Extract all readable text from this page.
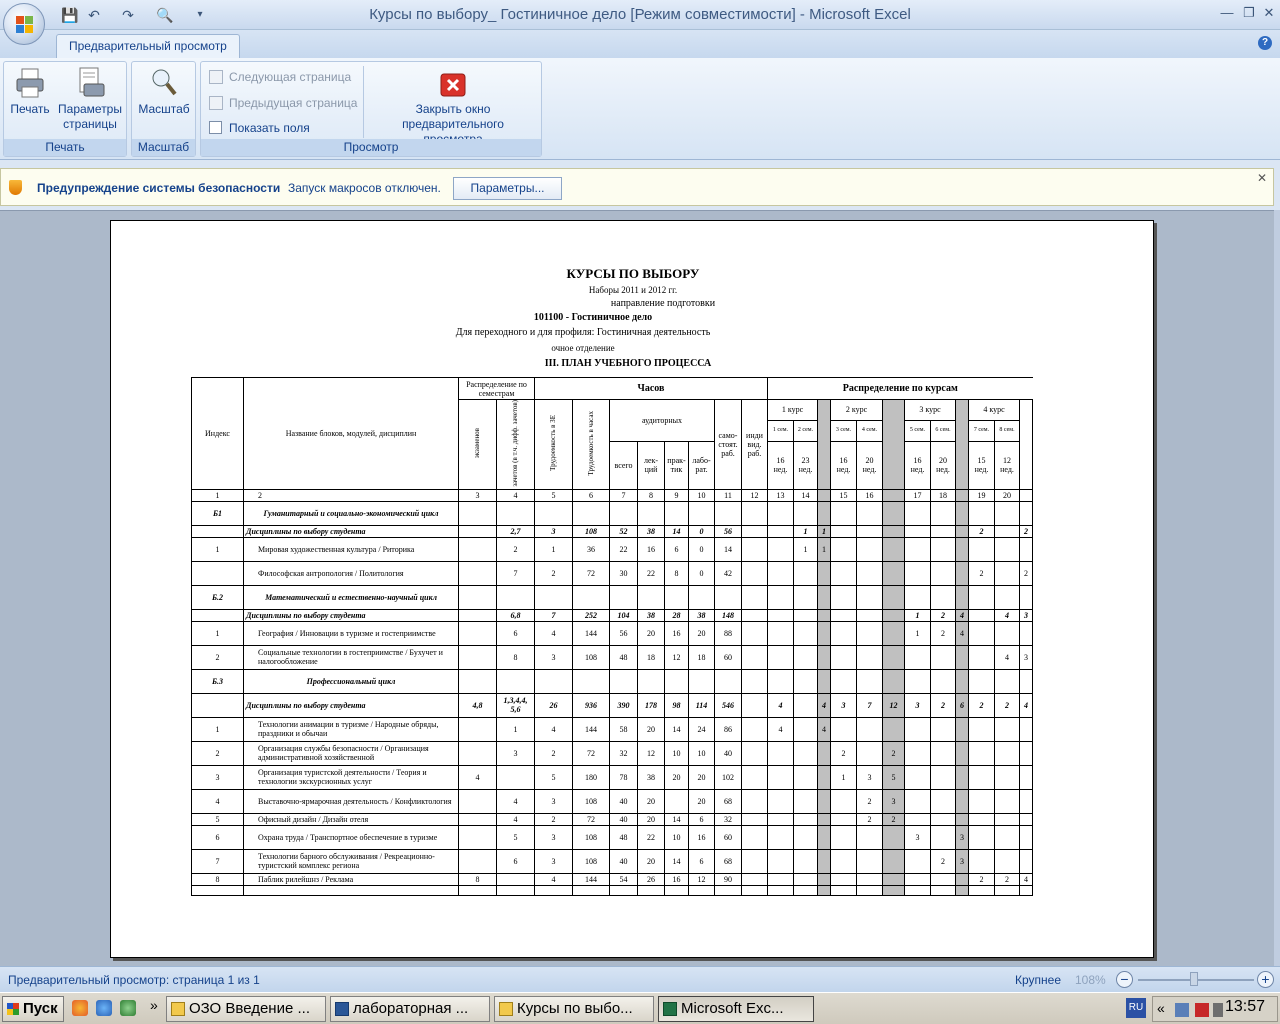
💾 ↶ ↷ 🔍	▾	Курсы по выбору_ Гостиничное дело [Режим совместимости] - Microsoft Excel	— ❐ ✕
Предварительный просмотр	?
Печать Параметры страницы
Печать
Масштаб
Масштаб
Следующая страница
Предыдущая страница
Показать поля
Закрыть окно предварительного
Просмотр
Предупреждение системы безопасности Запуск макросов отключен.	Параметры...
✕
КУРСЫ ПО ВЫБОРУ
Наборы 2011 и 2012 гг.
направление подготовки
101100 - Гостиничное дело
Для переходного и для профиля: Гостиничная деятельность
очное отделение
III. ПЛАН УЧЕБНОГО ПРОЦЕССА
Индекс	Название блоков, модулей, дисциплин	Распределение по семестрам		Часов								Распределение по курсам											
		экзаменов	зачетов (в т.ч. дифф. зачетов)	Трудоемкость в ЗЕ	Трудоемкость в часах	аудиторных				само-стоят. раб.	инди вид. раб.	1 курс			2 курс			3 курс			4 курс		
												1 сем.	2 сем.		3 сем.	4 сем.		5 сем.	6 сем.		7 сем.	8 сем.	
						всего	лек-ций	прак-тик	лабо-рат.			16 нед.	23 нед.		16 нед.	20 нед.		16 нед.	20 нед.		15 нед.	12 нед.	
1	2	3	4	5	6	7	8	9	10	11	12	13	14		15	16		17	18		19	20	
Б1	Гуманитарный и социально-экономический цикл																						
	Дисциплины по выбору студента		2,7	3	108	52	38	14	0	56			1	1							2		2
1	Мировая художественная культура / Риторика		2	1	36	22	16	6	0	14			1	1									
	Философская антропология / Политология		7	2	72	30	22	8	0	42											2		2
Б.2	Математический и естественно-научный цикл																						
	Дисциплины по выбору студента		6,8	7	252	104	38	28	38	148								1	2	4		4	3
1	География / Инновации в туризме и гостеприимстве		6	4	144	56	20	16	20	88								1	2	4			
2	Социальные технологии в гостеприимстве / Бухучет и налогообложение		8	3	108	48	18	12	18	60												4	3
Б.3	Профессиональный цикл																						
	Дисциплины по выбору студента	4,8	1,3,4,4, 5,6	26	936	390	178	98	114	546		4		4	3	7	12	3	2	6	2	2	4
1	Технологии анимации в туризме / Народные обряды, праздники и обычаи		1	4	144	58	20	14	24	86		4		4									
2	Организация службы безопасности / Организация административной хозяйственной		3	2	72	32	12	10	10	40					2		2						
3	Организация туристской деятельности / Теория и технологии экскурсионных услуг	4		5	180	78	38	20	20	102					1	3	5						
4	Выставочно-ярмарочная деятельность / Конфликтология		4	3	108	40	20		20	68						2	3						
5	Офисный дизайн / Дизайн отеля		4	2	72	40	20	14	6	32						2	2						
6	Охрана труда / Транспортное обеспечение в туризме		5	3	108	48	22	10	16	60								3		3			
7	Технологии барного обслуживания / Рекреационно-туристский комплекс региона		6	3	108	40	20	14	6	68									2	3			
8	Паблик рилейшнз / Реклама	8		4	144	54	26	16	12	90											2	2	4

Предварительный просмотр: страница 1 из 1	Крупнее 108%	−	+
Пуск	»	ОЗО Введение ...	лабораторная ...	Курсы по выбо...	Microsoft Exc...	RU «	13:57
